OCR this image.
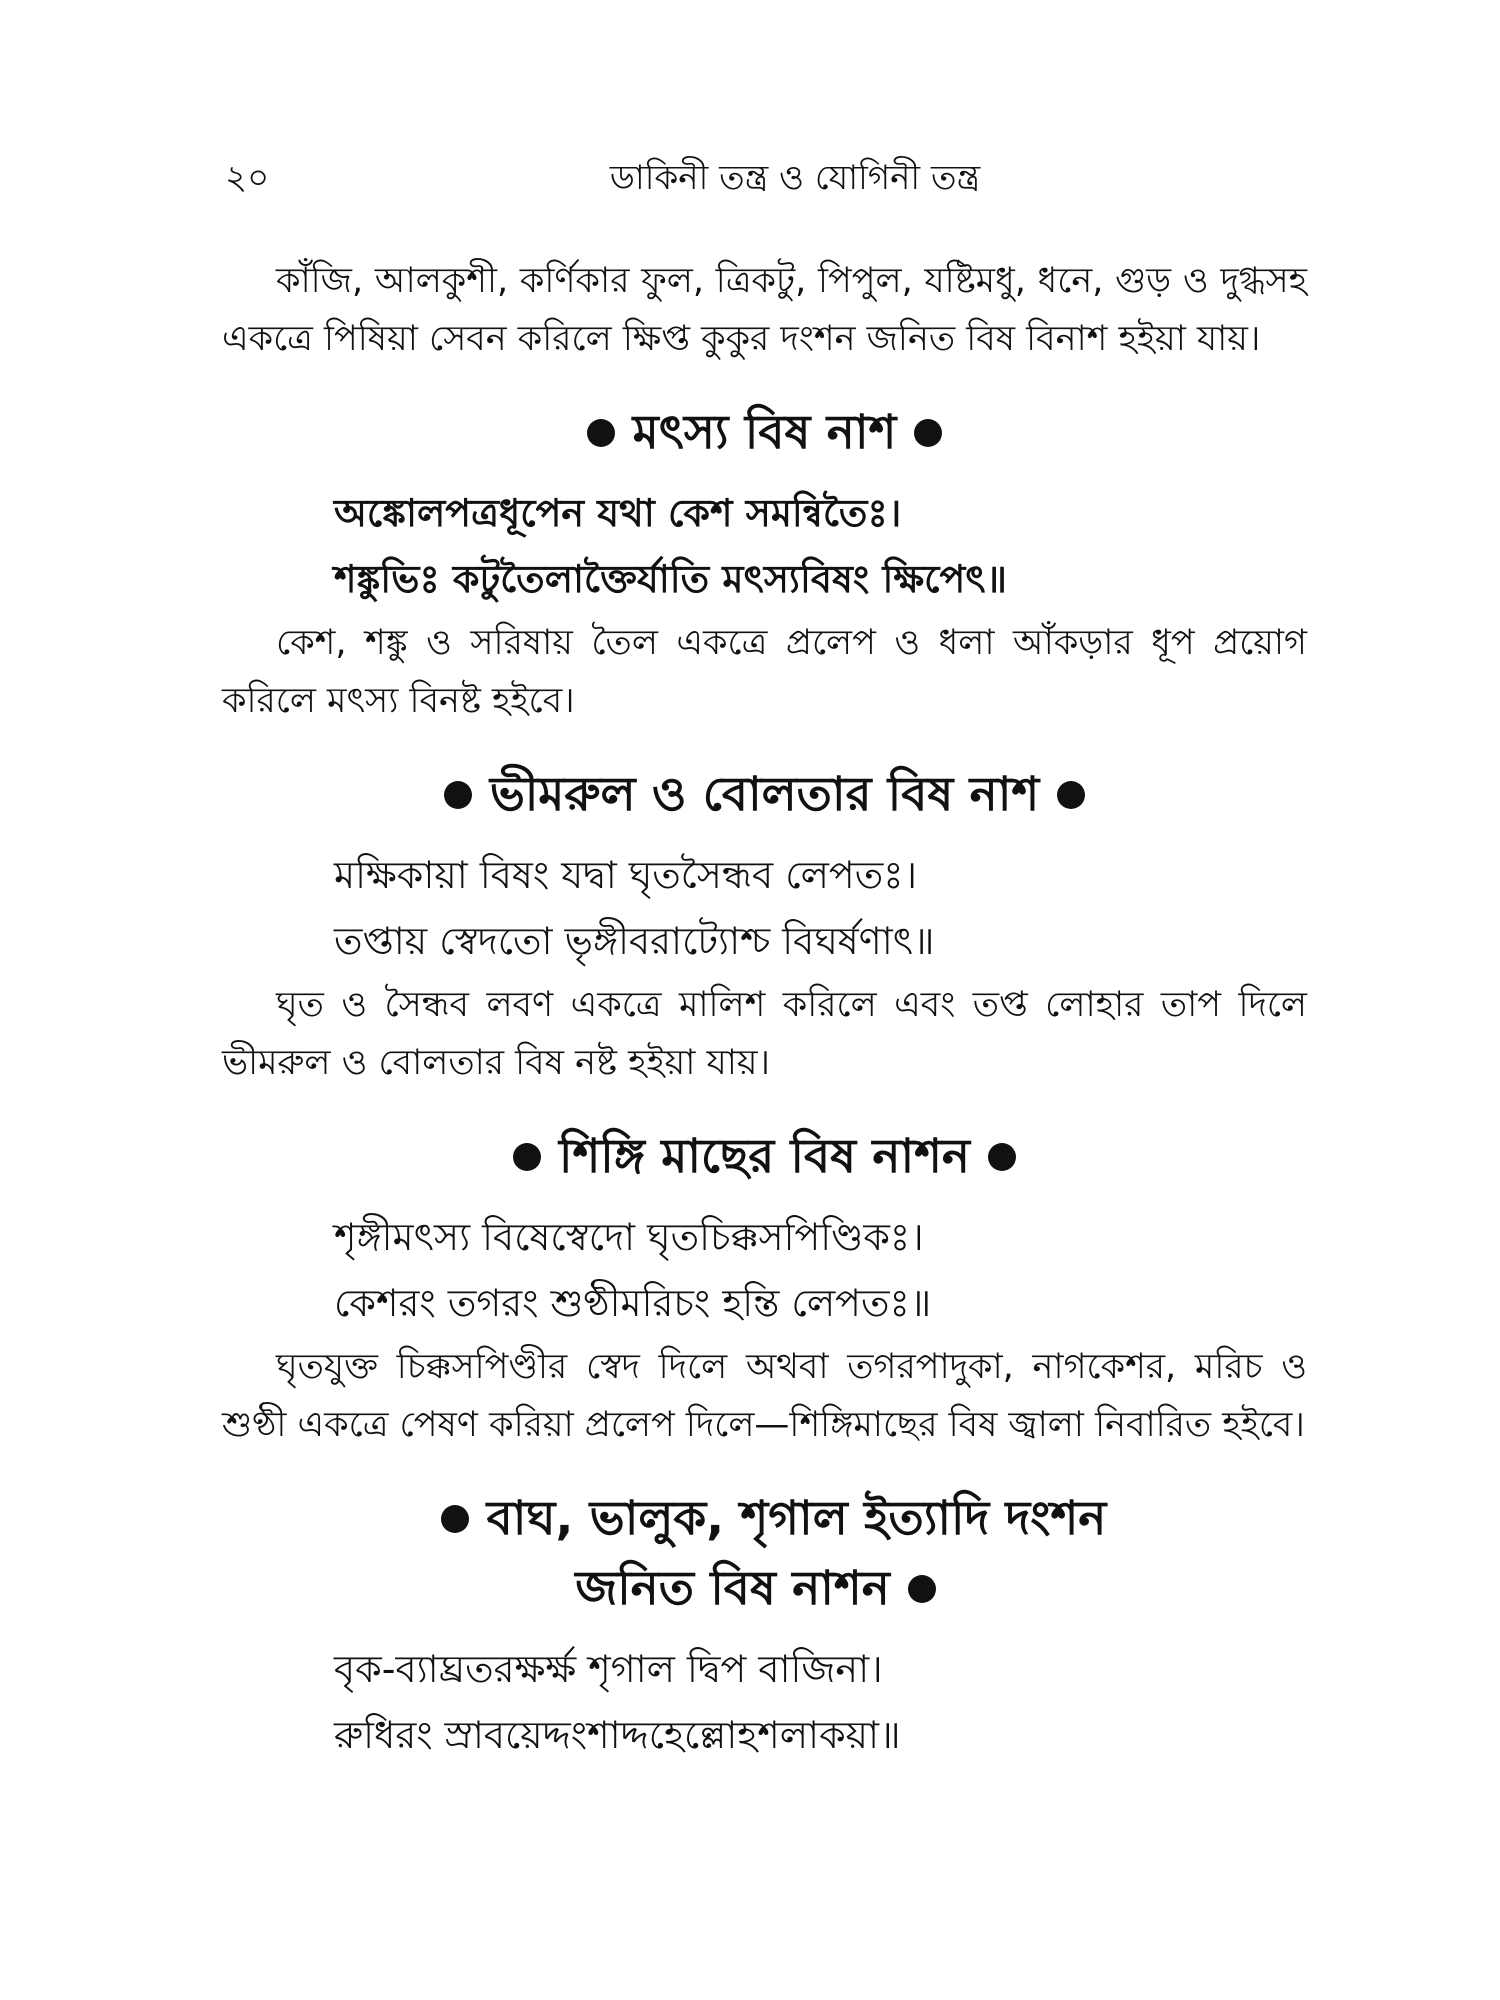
২০	ডাকিনী তন্ত্র ও যোগিনী তন্ত্র

কাঁজি, আলকুশী, কর্ণিকার ফুল, ত্রিকটু, পিপুল, যষ্টিমধু, ধনে, গুড় ও দুগ্ধসহ একত্রে পিষিয়া সেবন করিলে ক্ষিপ্ত কুকুর দংশন জনিত বিষ বিনাশ হইয়া যায়।

মৎস্য বিষ নাশ

অঙ্কোলপত্রধূপেন যথা কেশ সমন্বিতৈঃ।

শঙ্কুভিঃ কটুতৈলাক্তৈর্যাতি মৎস্যবিষং ক্ষিপেৎ॥

কেশ, শঙ্কু ও সরিষায় তৈল একত্রে প্রলেপ ও ধলা আঁকড়ার ধূপ প্রয়োগ করিলে মৎস্য বিনষ্ট হইবে।

ভীমরুল ও বোলতার বিষ নাশ

মক্ষিকায়া বিষং যদ্বা ঘৃতসৈন্ধব লেপতঃ।

তপ্তায় স্বেদতো ভৃঙ্গীবরাট্যোশ্চ বিঘর্ষণাৎ॥

ঘৃত ও সৈন্ধব লবণ একত্রে মালিশ করিলে এবং তপ্ত লোহার তাপ দিলে ভীমরুল ও বোলতার বিষ নষ্ট হইয়া যায়।

শিঙ্গি মাছের বিষ নাশন

শৃঙ্গীমৎস্য বিষেস্বেদো ঘৃতচিক্কসপিণ্ডিকঃ।

কেশরং তগরং শুণ্ঠীমরিচং হন্তি লেপতঃ॥

ঘৃতযুক্ত চিক্কসপিণ্ডীর স্বেদ দিলে অথবা তগরপাদুকা, নাগকেশর, মরিচ ও শুণ্ঠী একত্রে পেষণ করিয়া প্রলেপ দিলে—শিঙ্গিমাছের বিষ জ্বালা নিবারিত হইবে।

বাঘ, ভালুক, শৃগাল ইত্যাদি দংশন
জনিত বিষ নাশন

বৃক-ব্যাঘ্রতরক্ষর্ক্ষ শৃগাল দ্বিপ বাজিনা।

রুধিরং স্রাবয়েদ্দংশাদ্দহেল্লোহশলাকয়া॥
